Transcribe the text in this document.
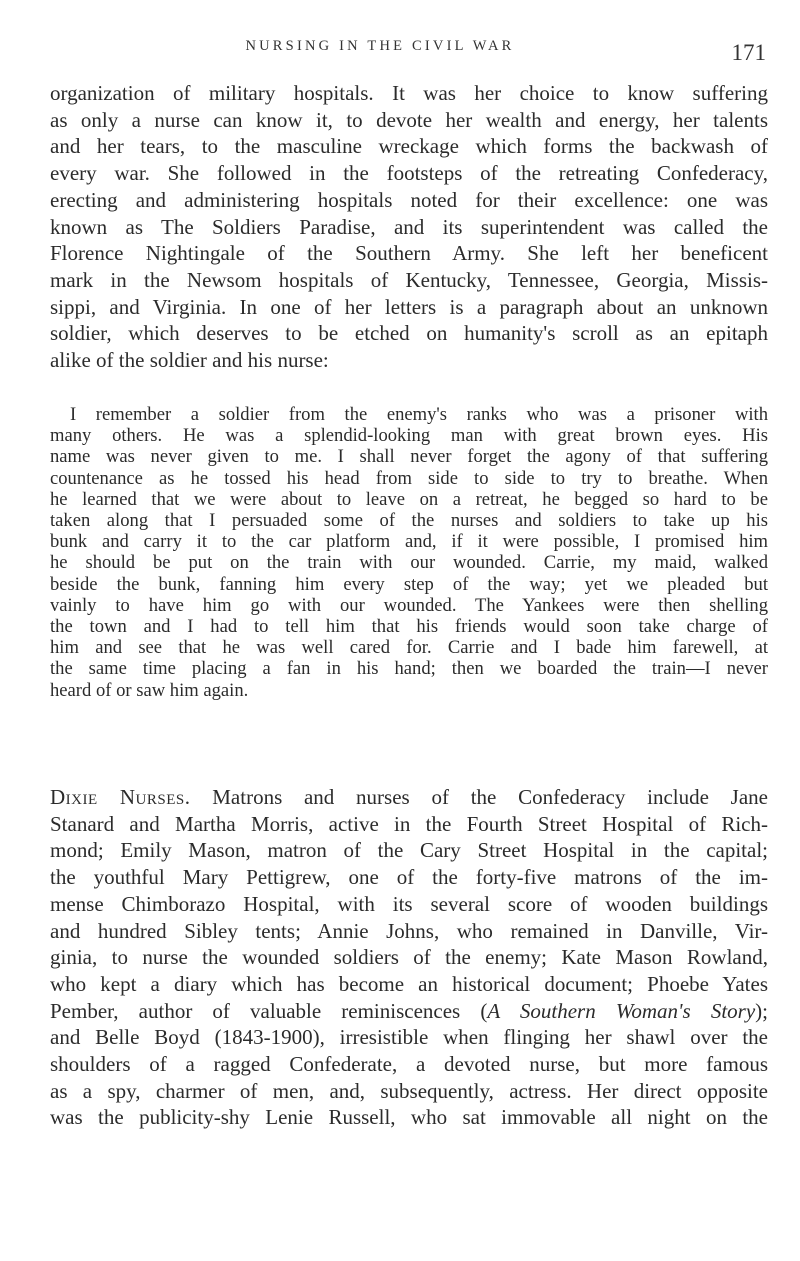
NURSING IN THE CIVIL WAR	171
organization of military hospitals. It was her choice to know suffering
as only a nurse can know it, to devote her wealth and energy, her talents
and her tears, to the masculine wreckage which forms the backwash of
every war. She followed in the footsteps of the retreating Confederacy,
erecting and administering hospitals noted for their excellence: one was
known as The Soldiers Paradise, and its superintendent was called the
Florence Nightingale of the Southern Army. She left her beneficent
mark in the Newsom hospitals of Kentucky, Tennessee, Georgia, Missis-
sippi, and Virginia. In one of her letters is a paragraph about an unknown
soldier, which deserves to be etched on humanity's scroll as an epitaph
alike of the soldier and his nurse:
I remember a soldier from the enemy's ranks who was a prisoner with
many others. He was a splendid-looking man with great brown eyes. His
name was never given to me. I shall never forget the agony of that suffering
countenance as he tossed his head from side to side to try to breathe. When
he learned that we were about to leave on a retreat, he begged so hard to be
taken along that I persuaded some of the nurses and soldiers to take up his
bunk and carry it to the car platform and, if it were possible, I promised him
he should be put on the train with our wounded. Carrie, my maid, walked
beside the bunk, fanning him every step of the way; yet we pleaded but
vainly to have him go with our wounded. The Yankees were then shelling
the town and I had to tell him that his friends would soon take charge of
him and see that he was well cared for. Carrie and I bade him farewell, at
the same time placing a fan in his hand; then we boarded the train—I never
heard of or saw him again.
Dixie Nurses. Matrons and nurses of the Confederacy include Jane
Stanard and Martha Morris, active in the Fourth Street Hospital of Rich-
mond; Emily Mason, matron of the Cary Street Hospital in the capital;
the youthful Mary Pettigrew, one of the forty-five matrons of the im-
mense Chimborazo Hospital, with its several score of wooden buildings
and hundred Sibley tents; Annie Johns, who remained in Danville, Vir-
ginia, to nurse the wounded soldiers of the enemy; Kate Mason Rowland,
who kept a diary which has become an historical document; Phoebe Yates
Pember, author of valuable reminiscences (A Southern Woman's Story);
and Belle Boyd (1843-1900), irresistible when flinging her shawl over the
shoulders of a ragged Confederate, a devoted nurse, but more famous
as a spy, charmer of men, and, subsequently, actress. Her direct opposite
was the publicity-shy Lenie Russell, who sat immovable all night on the
